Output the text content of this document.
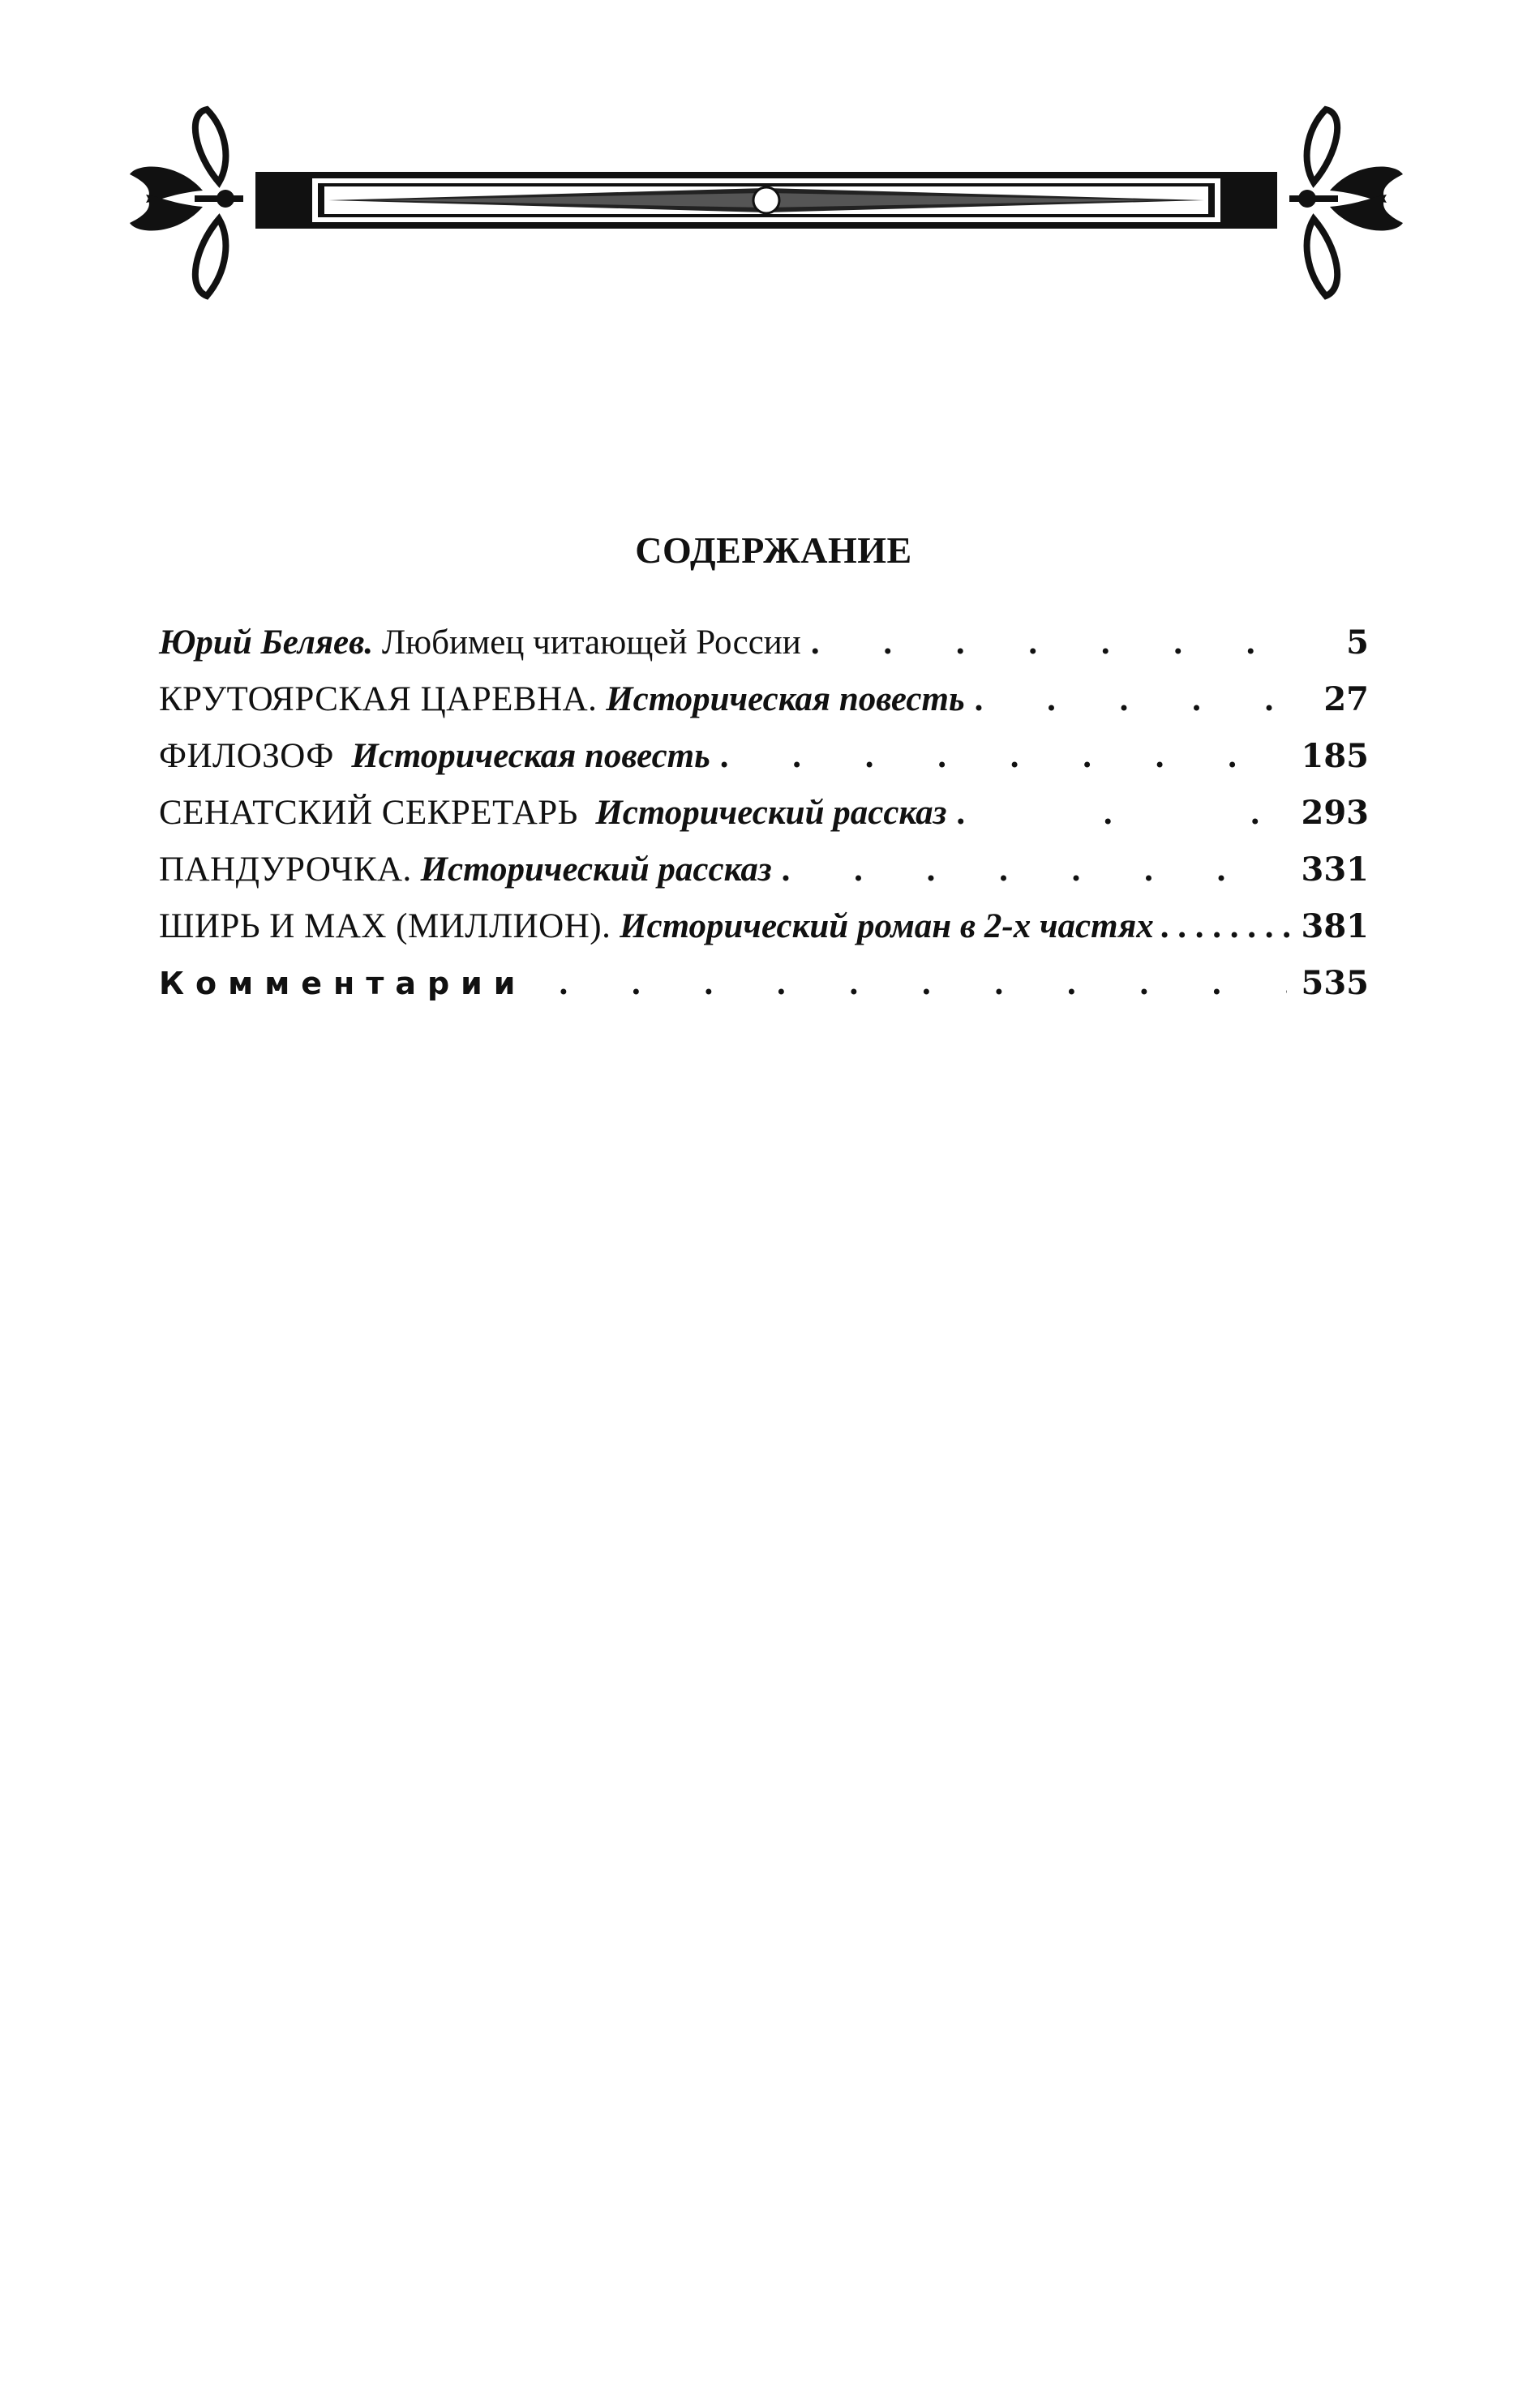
СОДЕРЖАНИЕ
Юрий Беляев. Любимец читающей России . . .	5
КРУТОЯРСКАЯ ЦАРЕВНА. Историческая повесть . . .	27
ФИЛОЗОФ  Историческая повесть . . .	185
СЕНАТСКИЙ СЕКРЕТАРЬ  Исторический рассказ . . .	293
ПАНДУРОЧКА. Исторический рассказ . . .	331
ШИРЬ И МАХ (МИЛЛИОН). Исторический роман в 2-х частях . . .	381
Комментарии . . .	535
